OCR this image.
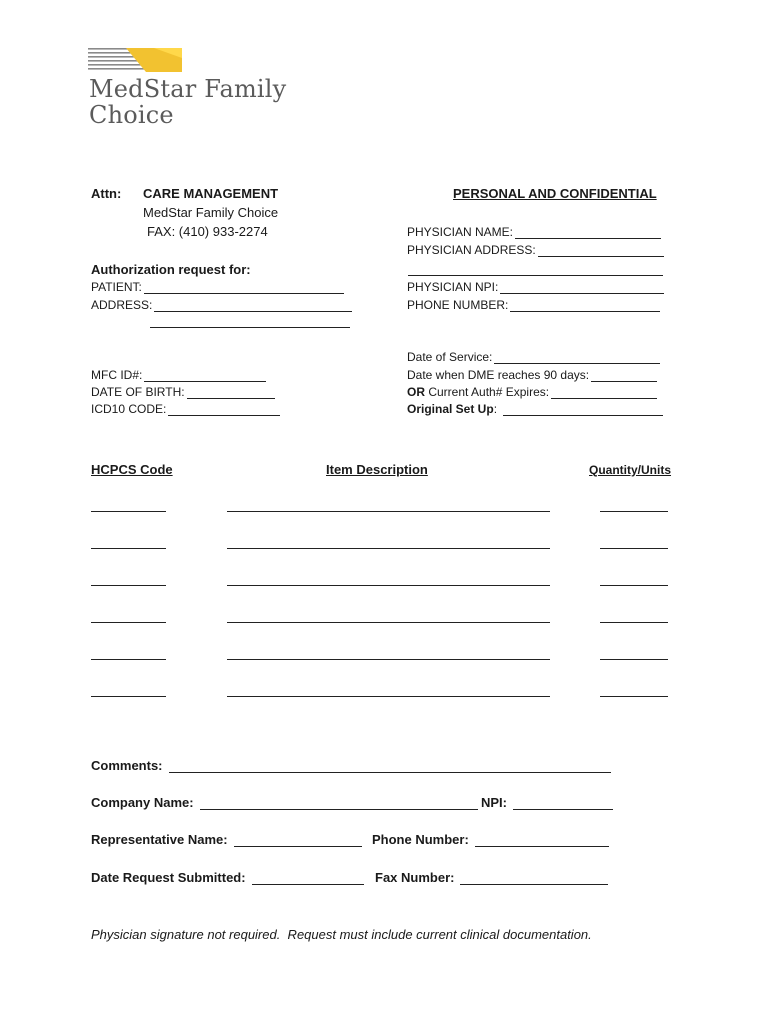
MedStar Family
Choice
Attn: CARE MANAGEMENT
MedStar Family Choice
FAX: (410) 933-2274
PERSONAL AND CONFIDENTIAL
Authorization request for:
PATIENT:
ADDRESS:
MFC ID#:
DATE OF BIRTH:
ICD10 CODE:
PHYSICIAN NAME:
PHYSICIAN ADDRESS:
PHYSICIAN NPI:
PHONE NUMBER:
Date of Service:
Date when DME reaches 90 days:
OR
Current Auth# Expires:
Original Set Up :
HCPCS Code	Item Description	Quantity/Units
Comments:
Company Name:	NPI:
Representative Name:	Phone Number:
Date Request Submitted:	Fax Number:
Physician signature not required.  Request must include current clinical documentation.
